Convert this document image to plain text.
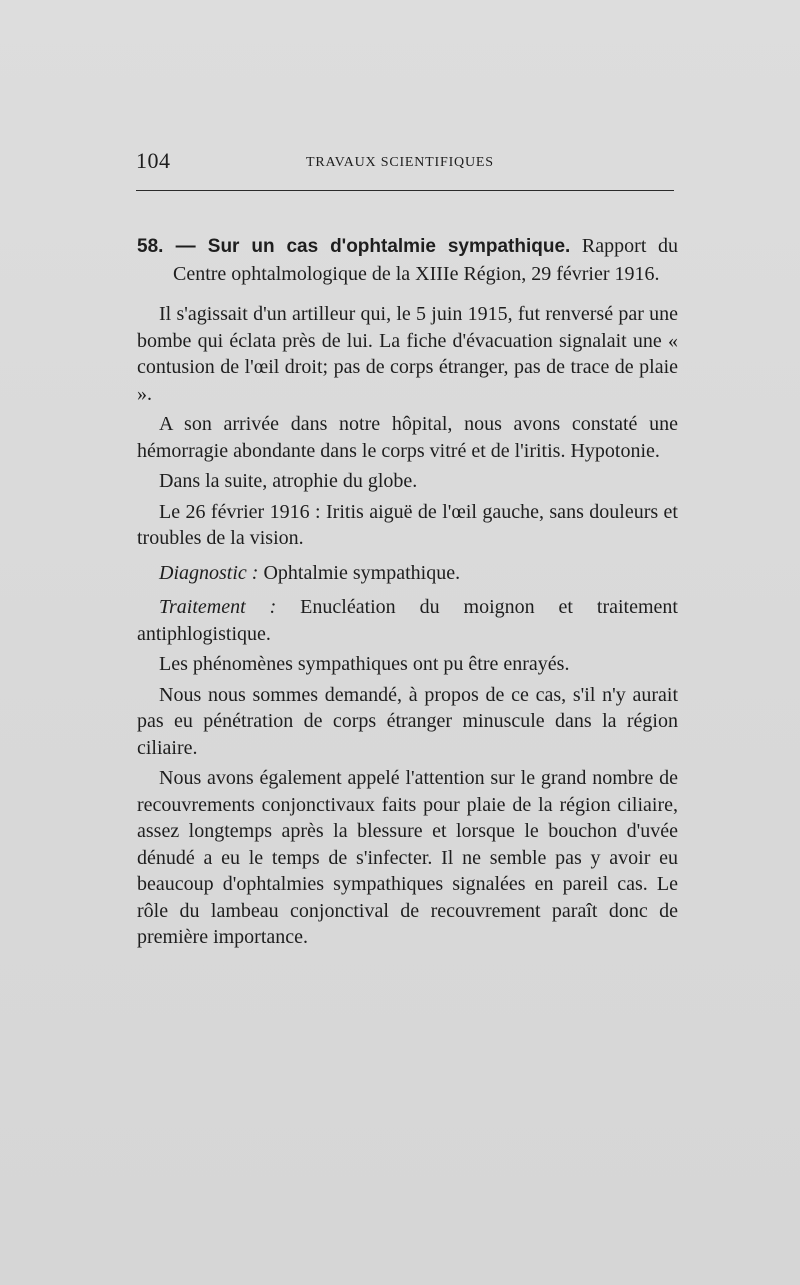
104	TRAVAUX SCIENTIFIQUES

58. — Sur un cas d'ophtalmie sympathique. Rapport du Centre ophtalmologique de la XIIIe Région, 29 février 1916.

Il s'agissait d'un artilleur qui, le 5 juin 1915, fut renversé par une bombe qui éclata près de lui. La fiche d'évacuation signalait une « contusion de l'œil droit; pas de corps étranger, pas de trace de plaie ».

A son arrivée dans notre hôpital, nous avons constaté une hémorragie abondante dans le corps vitré et de l'iritis. Hypotonie.

Dans la suite, atrophie du globe.

Le 26 février 1916 : Iritis aiguë de l'œil gauche, sans douleurs et troubles de la vision.

Diagnostic : Ophtalmie sympathique.

Traitement : Enucléation du moignon et traitement antiphlogistique.

Les phénomènes sympathiques ont pu être enrayés.

Nous nous sommes demandé, à propos de ce cas, s'il n'y aurait pas eu pénétration de corps étranger minuscule dans la région ciliaire.

Nous avons également appelé l'attention sur le grand nombre de recouvrements conjonctivaux faits pour plaie de la région ciliaire, assez longtemps après la blessure et lorsque le bouchon d'uvée dénudé a eu le temps de s'infecter. Il ne semble pas y avoir eu beaucoup d'ophtalmies sympathiques signalées en pareil cas. Le rôle du lambeau conjonctival de recouvrement paraît donc de première importance.
